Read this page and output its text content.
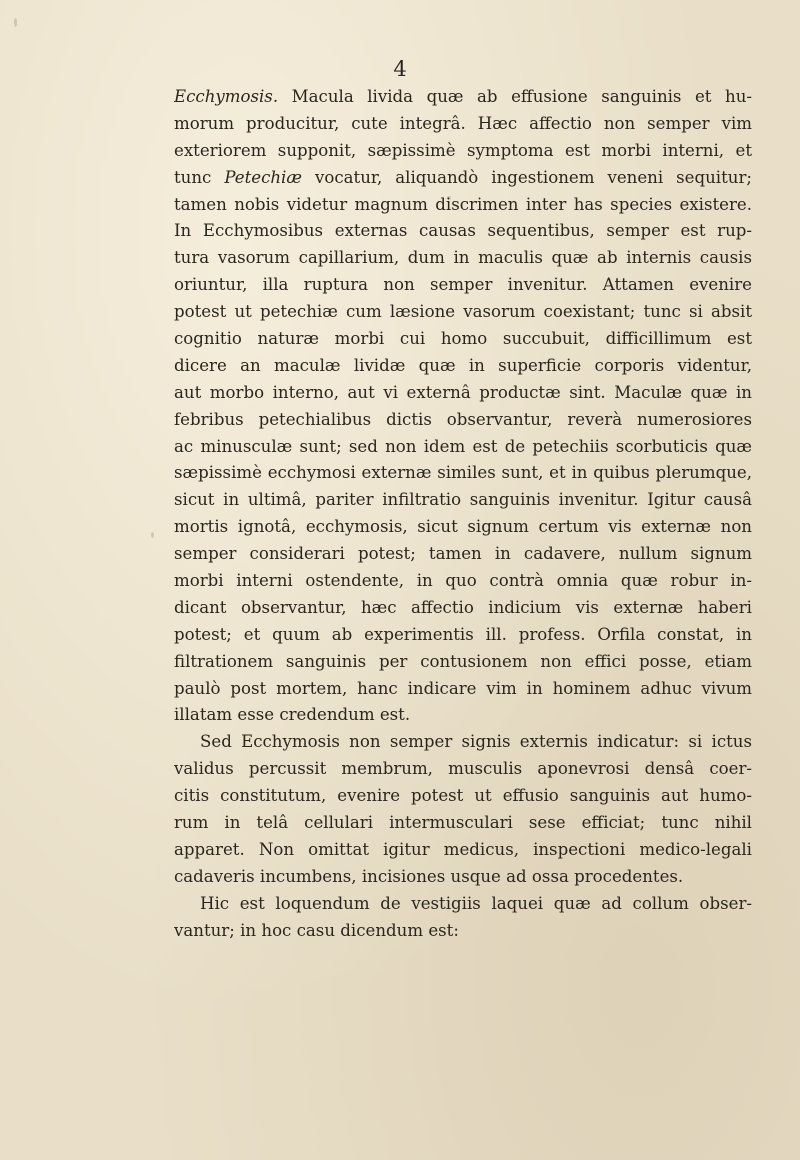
4
Ecchymosis. Macula livida quæ ab effusione sanguinis et hu-
morum producitur, cute integrâ. Hæc affectio non semper vim
exteriorem supponit, sæpissimè symptoma est morbi interni, et
tunc Petechiæ vocatur, aliquandò ingestionem veneni sequitur;
tamen nobis videtur magnum discrimen inter has species existere.
In Ecchymosibus externas causas sequentibus, semper est rup-
tura vasorum capillarium, dum in maculis quæ ab internis causis
oriuntur, illa ruptura non semper invenitur. Attamen evenire
potest ut petechiæ cum læsione vasorum coexistant; tunc si absit
cognitio naturæ morbi cui homo succubuit, difficillimum est
dicere an maculæ lividæ quæ in superficie corporis videntur,
aut morbo interno, aut vi externâ productæ sint. Maculæ quæ in
febribus petechialibus dictis observantur, reverà numerosiores
ac minusculæ sunt; sed non idem est de petechiis scorbuticis quæ
sæpissimè ecchymosi externæ similes sunt, et in quibus plerumque,
sicut in ultimâ, pariter infiltratio sanguinis invenitur. Igitur causâ
mortis ignotâ, ecchymosis, sicut signum certum vis externæ non
semper considerari potest; tamen in cadavere, nullum signum
morbi interni ostendente, in quo contrà omnia quæ robur in-
dicant observantur, hæc affectio indicium vis externæ haberi
potest; et quum ab experimentis ill. profess. Orfila constat, in
filtrationem sanguinis per contusionem non effici posse, etiam
paulò post mortem, hanc indicare vim in hominem adhuc vivum
illatam esse credendum est.
Sed Ecchymosis non semper signis externis indicatur: si ictus
validus percussit membrum, musculis aponevrosi densâ coer-
citis constitutum, evenire potest ut effusio sanguinis aut humo-
rum in telâ cellulari intermusculari sese efficiat; tunc nihil
apparet. Non omittat igitur medicus, inspectioni medico-legali
cadaveris incumbens, incisiones usque ad ossa procedentes.
Hic est loquendum de vestigiis laquei quæ ad collum obser-
vantur; in hoc casu dicendum est:
